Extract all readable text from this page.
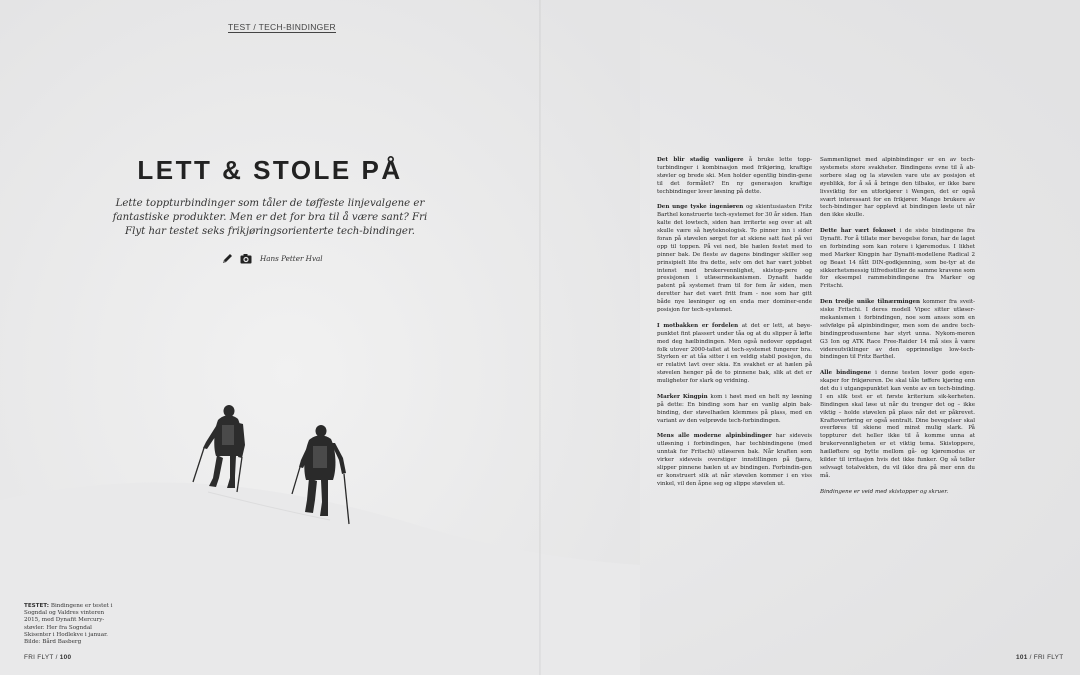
TEST / TECH-BINDINGER
LETT & STOLE PÅ
Lette toppturbindinger som tåler de tøffeste linjevalgene er fantastiske produkter. Men er det for bra til å være sant? Fri Flyt har testet seks frikjøringsorienterte tech-bindinger.
Hans Petter Hval
TESTET: Bindingene er testet i Sogndal og Valdres vinteren 2015, med Dynafit Mercury-støvler. Her fra Sogndal Skisenter i Hodlekve i januar. Bilde: Bård Basberg
FRI FLYT / 100	101 / FRI FLYT

Det blir stadig vanligere å bruke lette topp-turbindinger i kombinasjon med frikjøring, kraftige støvler og brede ski. Men holder egentlig bindin-gene til det formålet? En ny generasjon kraftige techbindinger lover løsning på dette.

Den unge tyske ingeniøren og skientusiasten Fritz Barthel konstruerte tech-systemet for 30 år siden. Han kalte det lowtech, siden han irriterte seg over at alt skulle være så høyteknologisk. To pinner inn i sider foran på støvelen sørget for at skiene satt fast på vei opp til toppen. På vei ned, ble hælen festet med to pinner bak. De fleste av dagens bindinger skiller seg prinsipielt lite fra dette, selv om det har vært jobbet intenst med brukervennlighet, skistop-pere og presisjonen i utløsermekanismen. Dynafit hadde patent på systemet fram til for fem år siden, men deretter har det vært fritt fram - noe som har gitt både nye løsninger og en enda mer dominer-ende posisjon for tech-systemet.

I motbakken er fordelen at det er lett, at bøye-punktet fint plassert under tåa og at du slipper å løfte med deg hælbindingen. Men også nedover oppdaget folk utover 2000-tallet at tech-systemet fungerer bra. Styrken er at tåa sitter i en veldig stabil posisjon, du er relativt lavt over skia. En svakhet er at hælen på støvelen henger på de to pinnene bak, slik at det er muligheter for slark og vridning.

Marker Kingpin kom i høst med en helt ny løsning på dette: En binding som har en vanlig alpin bak-binding, der støvelhælen klemmes på plass, med en variant av den velprøvde tech-forbindingen.

Mens alle moderne alpinbindinger har sideveis utløsning i forbindingen, har techbindingene (med unntak for Fritschi) utløseren bak. Når kraften som virker sideveis overstiger innstillingen på fjæra, slipper pinnene hælen ut av bindingen. Forbindin-gen er konstruert slik at når støvelen kommer i en viss vinkel, vil den åpne seg og slippe støvelen ut.

Sammenlignet med alpinbindinger er en av tech-systemets store svakheter. Bindingens evne til å ab-sorbere slag og la støvelen vare ute av posisjon et øyeblikk, for å så å bringe den tilbake, er ikke bare livsviktig for en utforkjører i Wengen, det er også svært interessant for en frikjører. Mange brukere av tech-bindinger har opplevd at bindingen løste ut når den ikke skulle.

Dette har vært fokuset i de siste bindingene fra Dynafit. For å tillate mer bevegelse foran, har de laget en forbinding som kan rotere i kjøremodus. I likhet med Marker Kingpin har Dynafit-modellene Radical 2 og Beast 14 fått DIN-godkjenning, som be-tyr at de sikkerhetsmessig tilfredsstiller de samme kravene som for eksempel rammebindingene fra Marker og Fritschi.

Den tredje unike tilnærmingen kommer fra sveit-siske Fritschi. I deres modell Vipec sitter utløser-mekanismen i forbindingen, noe som anses som en selvfølge på alpinbindinger, men som de andre tech-bindingprodusentene har styrt unna. Nykom-meren G3 Ion og ATK Race Free-Raider 14 må sies å være videreutviklinger av den opprinnelige low-tech-bindingen til Fritz Barthel.

Alle bindingene i denne testen lover gode egen-skaper for frikjøreren. De skal tåle tøffere kjøring enn det du i utgangspunktet kan vente av en tech-binding. I en slik test er et første kriterium sik-kerheten. Bindingen skal løse ut når du trenger det og – ikke viktig – holde støvelen på plass når det er påkrevet. Kraftoverføring er også sentralt. Dine bevegelser skal overføres til skiene med minst mulig slark. På toppturer det heller ikke til å komme unna at brukervennligheten er et viktig tema. Skistoppere, hælløftere og bytte mellom gå- og kjøremodus er kilder til irritasjon hvis det ikke funker. Og så teller selvsagt totalvekten, du vil ikke dra på mer enn du må.

Bindingene er veid med skistopper og skruer.
